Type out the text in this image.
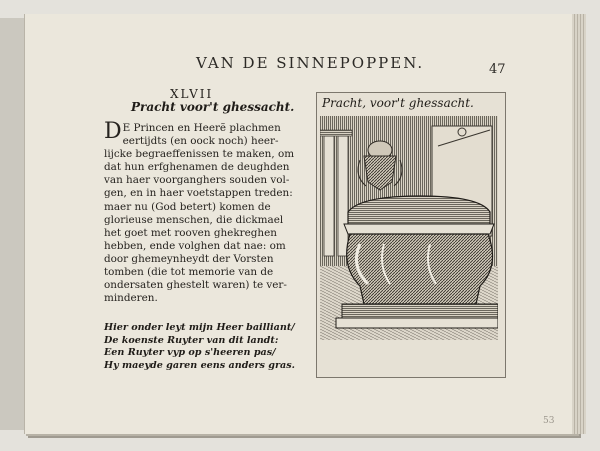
VAN DE SINNEPOPPEN.	47
XLVII
Pracht voor't ghessacht.
D E Princen en Heerẽ plachmen
eertijdts (en oock noch) heer-
lijcke begraeffenissen te maken, om
dat hun erfghenamen de deughden
van haer voorganghers souden vol-
gen, en in haer voetstappen treden:
maer nu (God betert) komen de
glorieuse menschen, die dickmael
het goet met rooven ghekreghen
hebben, ende volghen dat nae: om
door ghemeynheydt der Vorsten
tomben (die tot memorie van de
ondersaten ghestelt waren) te ver-
minderen.
Hier onder leyt mijn Heer bailliant/
De koenste Ruyter van dit landt:
Een Ruyter vyp op s'heeren pas/
Hy maeyde garen eens anders gras.
Pracht, voor't ghessacht.
53
